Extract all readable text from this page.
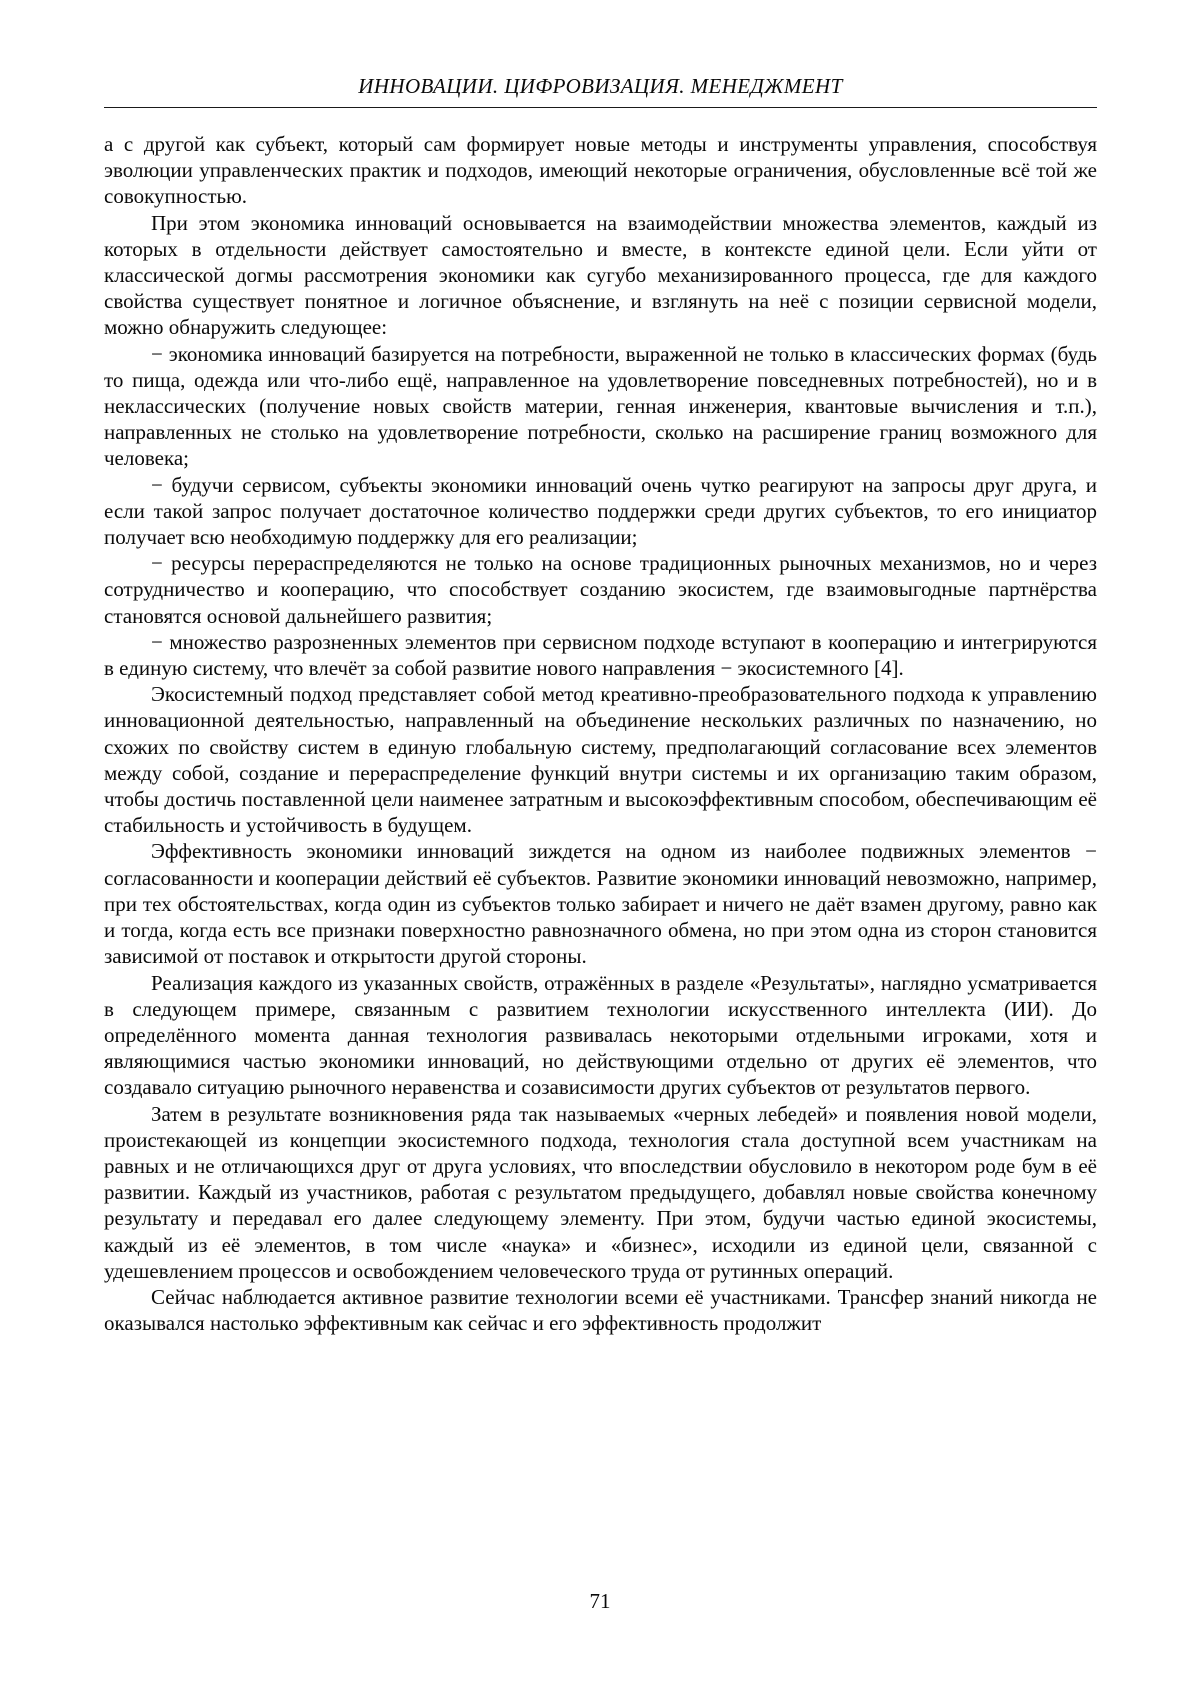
ИННОВАЦИИ. ЦИФРОВИЗАЦИЯ. МЕНЕДЖМЕНТ

а с другой как субъект, который сам формирует новые методы и инструменты управления, способствуя эволюции управленческих практик и подходов, имеющий некоторые ограничения, обусловленные всё той же совокупностью.

При этом экономика инноваций основывается на взаимодействии множества элементов, каждый из которых в отдельности действует самостоятельно и вместе, в контексте единой цели. Если уйти от классической догмы рассмотрения экономики как сугубо механизированного процесса, где для каждого свойства существует понятное и логичное объяснение, и взглянуть на неё с позиции сервисной модели, можно обнаружить следующее:

− экономика инноваций базируется на потребности, выраженной не только в классических формах (будь то пища, одежда или что-либо ещё, направленное на удовлетворение повседневных потребностей), но и в неклассических (получение новых свойств материи, генная инженерия, квантовые вычисления и т.п.), направленных не столько на удовлетворение потребности, сколько на расширение границ возможного для человека;

− будучи сервисом, субъекты экономики инноваций очень чутко реагируют на запросы друг друга, и если такой запрос получает достаточное количество поддержки среди других субъектов, то его инициатор получает всю необходимую поддержку для его реализации;

− ресурсы перераспределяются не только на основе традиционных рыночных механизмов, но и через сотрудничество и кооперацию, что способствует созданию экосистем, где взаимовыгодные партнёрства становятся основой дальнейшего развития;

− множество разрозненных элементов при сервисном подходе вступают в кооперацию и интегрируются в единую систему, что влечёт за собой развитие нового направления − экосистемного [4].

Экосистемный подход представляет собой метод креативно-преобразовательного подхода к управлению инновационной деятельностью, направленный на объединение нескольких различных по назначению, но схожих по свойству систем в единую глобальную систему, предполагающий согласование всех элементов между собой, создание и перераспределение функций внутри системы и их организацию таким образом, чтобы достичь поставленной цели наименее затратным и высокоэффективным способом, обеспечивающим её стабильность и устойчивость в будущем.

Эффективность экономики инноваций зиждется на одном из наиболее подвижных элементов − согласованности и кооперации действий её субъектов. Развитие экономики инноваций невозможно, например, при тех обстоятельствах, когда один из субъектов только забирает и ничего не даёт взамен другому, равно как и тогда, когда есть все признаки поверхностно равнозначного обмена, но при этом одна из сторон становится зависимой от поставок и открытости другой стороны.

Реализация каждого из указанных свойств, отражённых в разделе «Результаты», наглядно усматривается в следующем примере, связанным с развитием технологии искусственного интеллекта (ИИ). До определённого момента данная технология развивалась некоторыми отдельными игроками, хотя и являющимися частью экономики инноваций, но действующими отдельно от других её элементов, что создавало ситуацию рыночного неравенства и созависимости других субъектов от результатов первого.

Затем в результате возникновения ряда так называемых «черных лебедей» и появления новой модели, проистекающей из концепции экосистемного подхода, технология стала доступной всем участникам на равных и не отличающихся друг от друга условиях, что впоследствии обусловило в некотором роде бум в её развитии. Каждый из участников, работая с результатом предыдущего, добавлял новые свойства конечному результату и передавал его далее следующему элементу. При этом, будучи частью единой экосистемы, каждый из её элементов, в том числе «наука» и «бизнес», исходили из единой цели, связанной с удешевлением процессов и освобождением человеческого труда от рутинных операций.

Сейчас наблюдается активное развитие технологии всеми её участниками. Трансфер знаний никогда не оказывался настолько эффективным как сейчас и его эффективность продолжит

71
